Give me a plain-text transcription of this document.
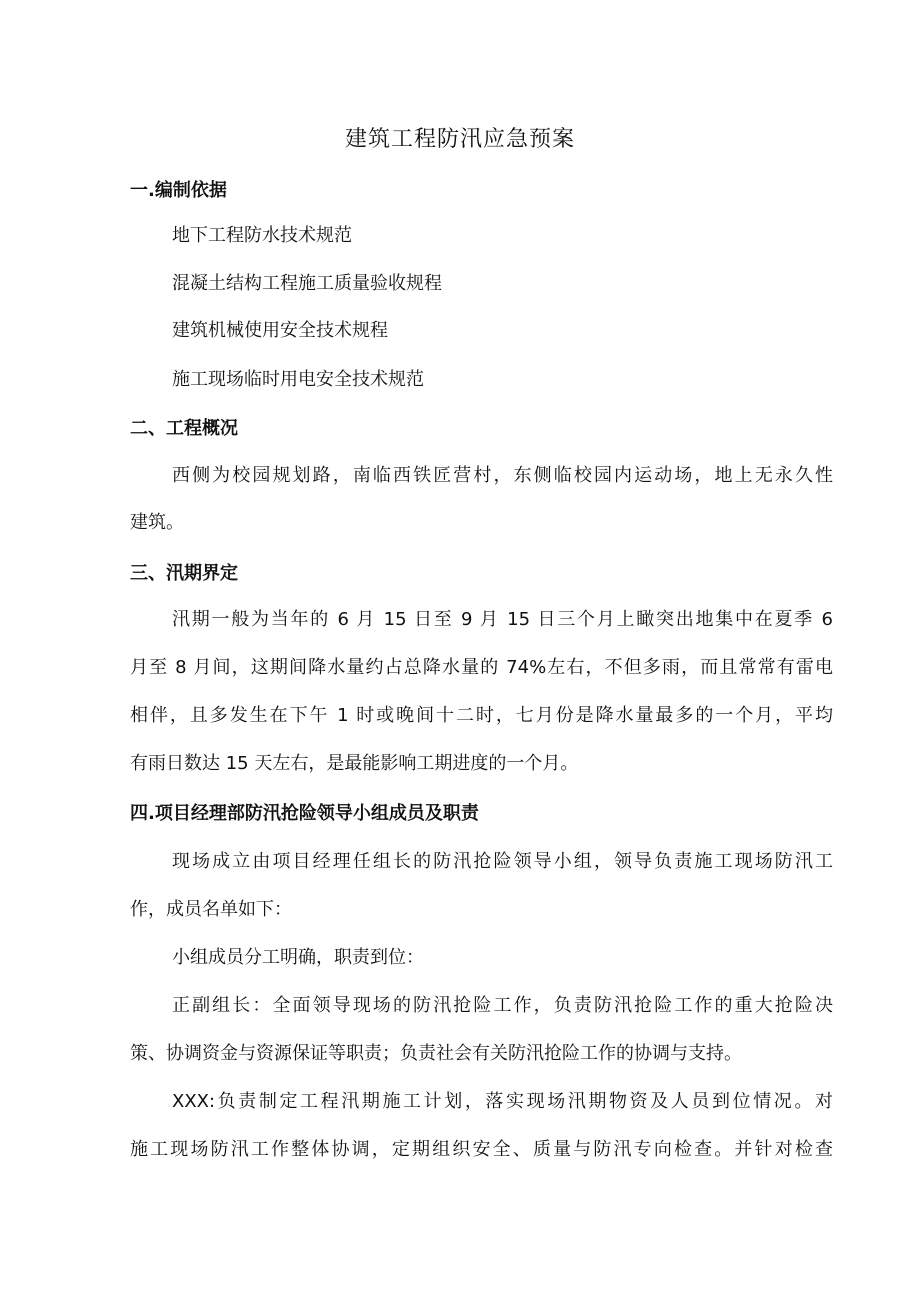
建筑工程防汛应急预案
一.编制依据
地下工程防水技术规范
混凝土结构工程施工质量验收规程
建筑机械使用安全技术规程
施工现场临时用电安全技术规范
二、工程概况
西侧为校园规划路，南临西铁匠营村，东侧临校园内运动场，地上无永久性
建筑。
三、汛期界定
汛期一般为当年的 6 月 15 日至 9 月 15 日三个月上瞰突出地集中在夏季 6
月至 8 月间，这期间降水量约占总降水量的 74%左右，不但多雨，而且常常有雷电
相伴，且多发生在下午 1 时或晚间十二时，七月份是降水量最多的一个月，平均
有雨日数达 15 天左右，是最能影响工期进度的一个月。
四.项目经理部防汛抢险领导小组成员及职责
现场成立由项目经理任组长的防汛抢险领导小组，领导负责施工现场防汛工
作，成员名单如下：
小组成员分工明确，职责到位：
正副组长：全面领导现场的防汛抢险工作，负责防汛抢险工作的重大抢险决
策、协调资金与资源保证等职责；负责社会有关防汛抢险工作的协调与支持。
XXX:负责制定工程汛期施工计划，落实现场汛期物资及人员到位情况。对
施工现场防汛工作整体协调，定期组织安全、质量与防汛专向检查。并针对检查
